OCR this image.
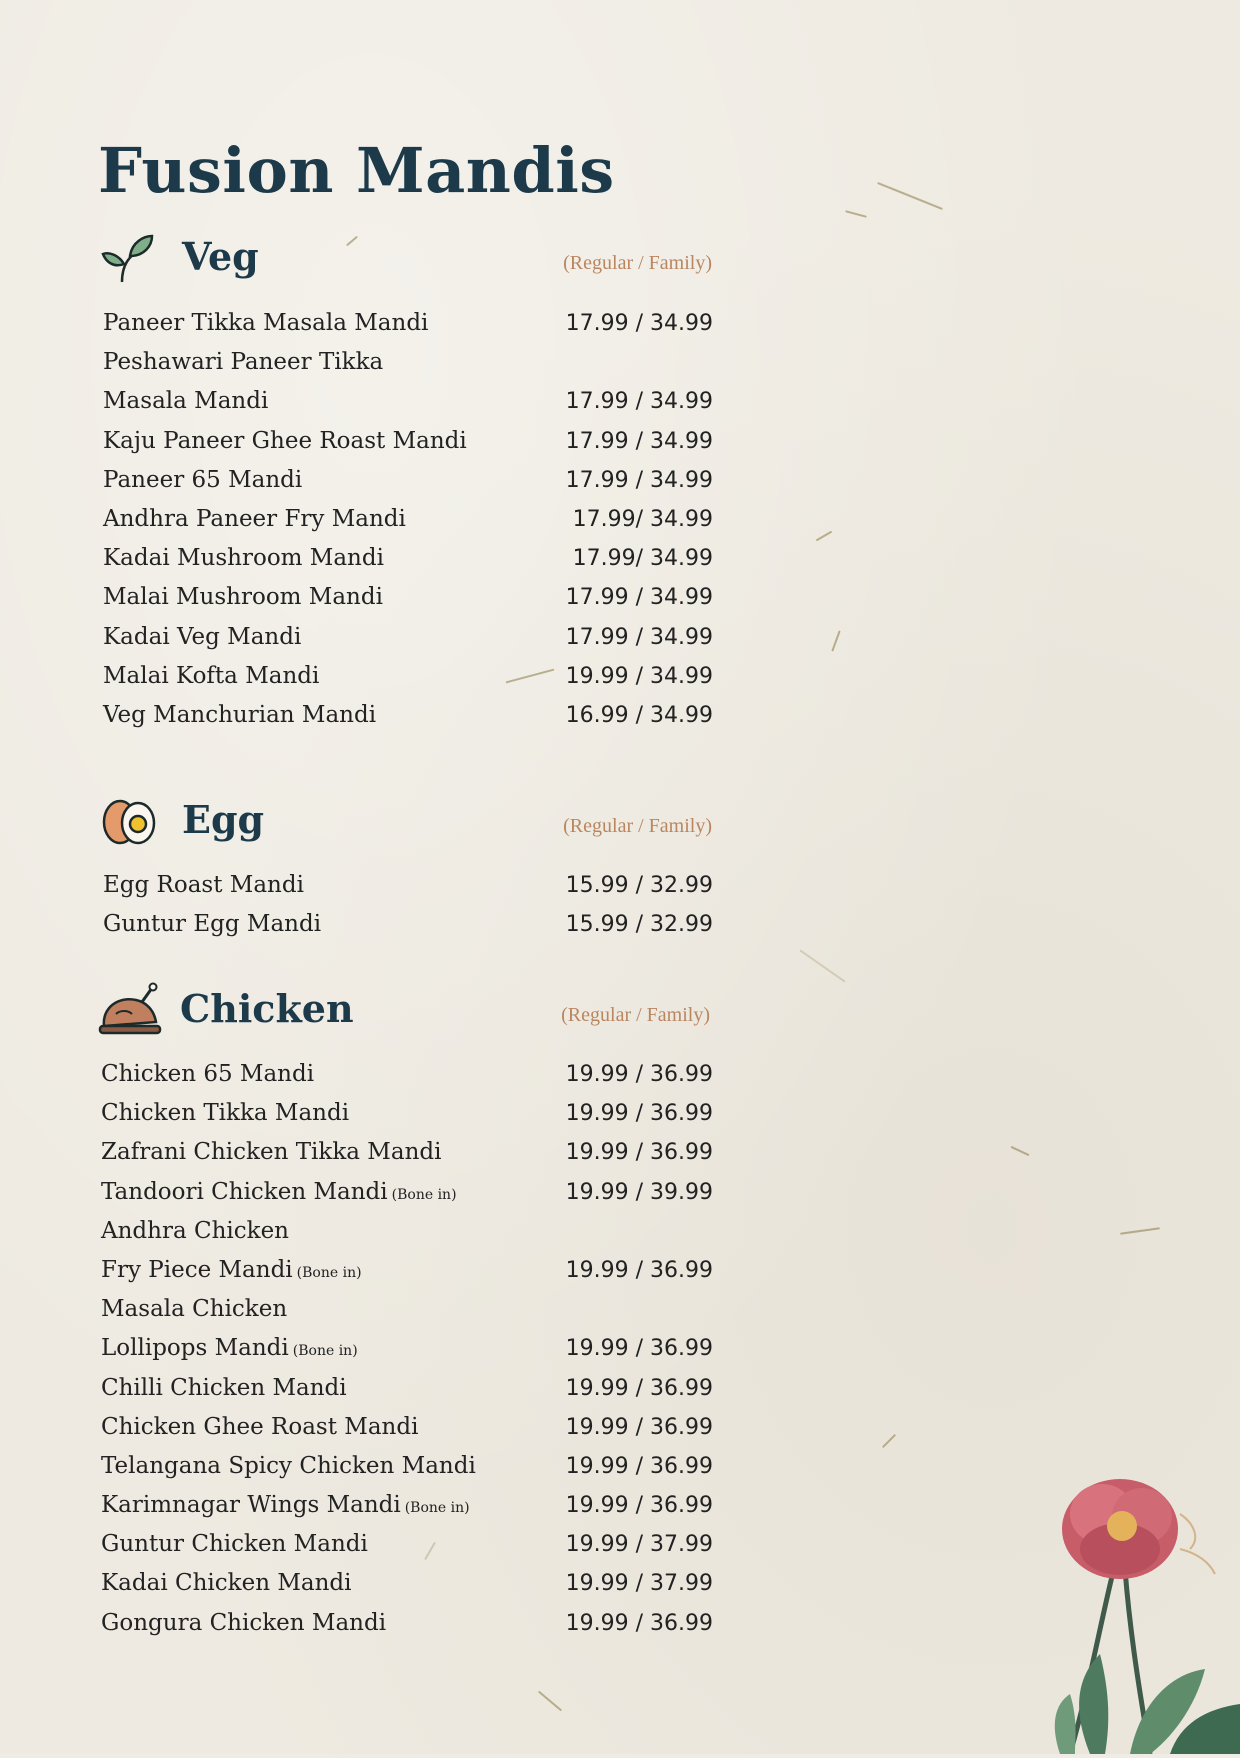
Fusion Mandis
Veg	(Regular / Family)
Paneer Tikka Masala Mandi	17.99 / 34.99
Peshawari Paneer Tikka
Masala Mandi	17.99 / 34.99
Kaju Paneer Ghee Roast Mandi	17.99 / 34.99
Paneer 65 Mandi	17.99 / 34.99
Andhra Paneer Fry Mandi	17.99/ 34.99
Kadai Mushroom Mandi	17.99/ 34.99
Malai Mushroom Mandi	17.99 / 34.99
Kadai Veg Mandi	17.99 / 34.99
Malai Kofta Mandi	19.99 / 34.99
Veg Manchurian Mandi	16.99 / 34.99
Egg	(Regular / Family)
Egg Roast Mandi	15.99 / 32.99
Guntur Egg Mandi	15.99 / 32.99
Chicken	(Regular / Family)
Chicken 65 Mandi	19.99 / 36.99
Chicken Tikka Mandi	19.99 / 36.99
Zafrani Chicken Tikka Mandi	19.99 / 36.99
Tandoori Chicken Mandi (Bone in)	19.99 / 39.99
Andhra Chicken
Fry Piece Mandi (Bone in)	19.99 / 36.99
Masala Chicken
Lollipops Mandi (Bone in)	19.99 / 36.99
Chilli Chicken Mandi	19.99 / 36.99
Chicken Ghee Roast Mandi	19.99 / 36.99
Telangana Spicy Chicken Mandi	19.99 / 36.99
Karimnagar Wings Mandi (Bone in)	19.99 / 36.99
Guntur Chicken Mandi	19.99 / 37.99
Kadai Chicken Mandi	19.99 / 37.99
Gongura Chicken Mandi	19.99 / 36.99
